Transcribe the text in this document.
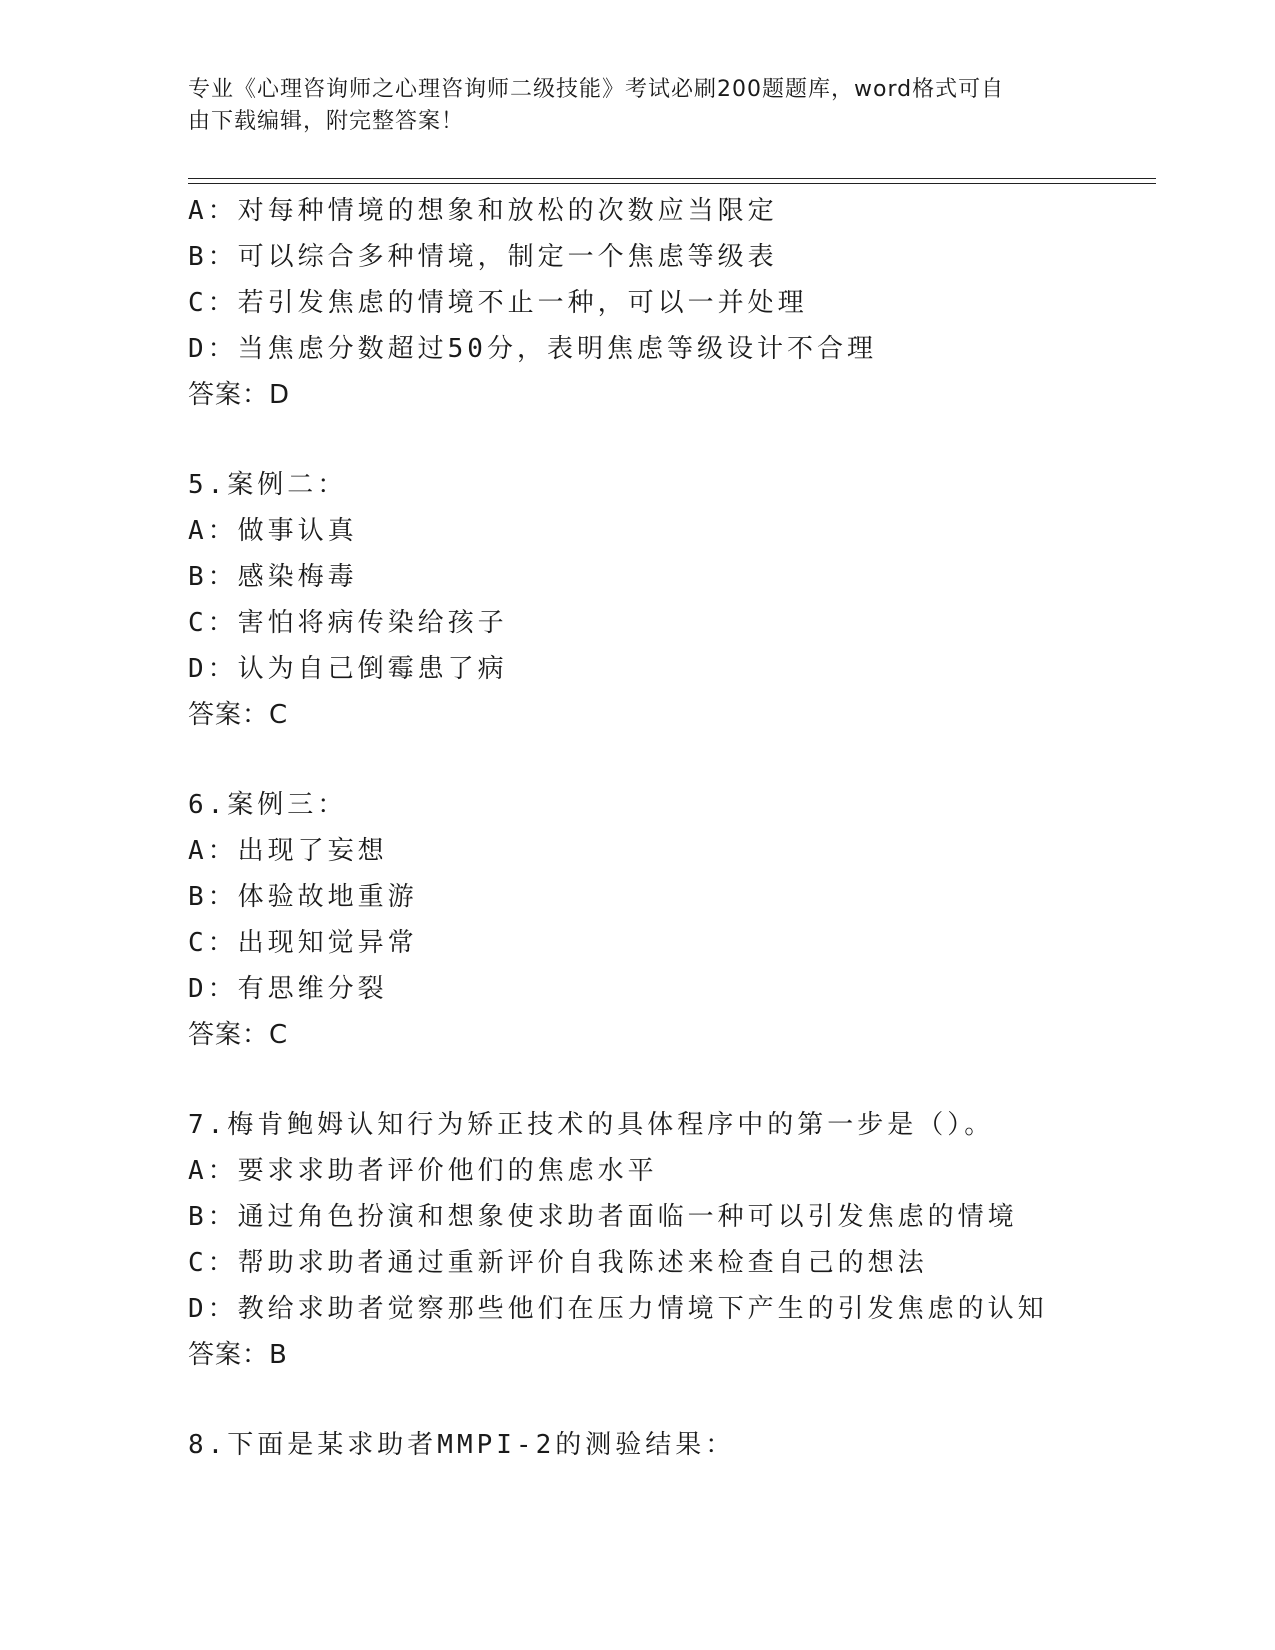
专业《心理咨询师之心理咨询师二级技能》考试必刷200题题库，word格式可自
由下载编辑，附完整答案！
A：对每种情境的想象和放松的次数应当限定
B：可以综合多种情境，制定一个焦虑等级表
C：若引发焦虑的情境不止一种，可以一并处理
D：当焦虑分数超过50分，表明焦虑等级设计不合理
答案：D
5.案例二：
A：做事认真
B：感染梅毒
C：害怕将病传染给孩子
D：认为自己倒霉患了病
答案：C
6.案例三：
A：出现了妄想
B：体验故地重游
C：出现知觉异常
D：有思维分裂
答案：C
7.梅肯鲍姆认知行为矫正技术的具体程序中的第一步是（）。
A：要求求助者评价他们的焦虑水平
B：通过角色扮演和想象使求助者面临一种可以引发焦虑的情境
C：帮助求助者通过重新评价自我陈述来检查自己的想法
D：教给求助者觉察那些他们在压力情境下产生的引发焦虑的认知
答案：B
8.下面是某求助者MMPI-2的测验结果：
